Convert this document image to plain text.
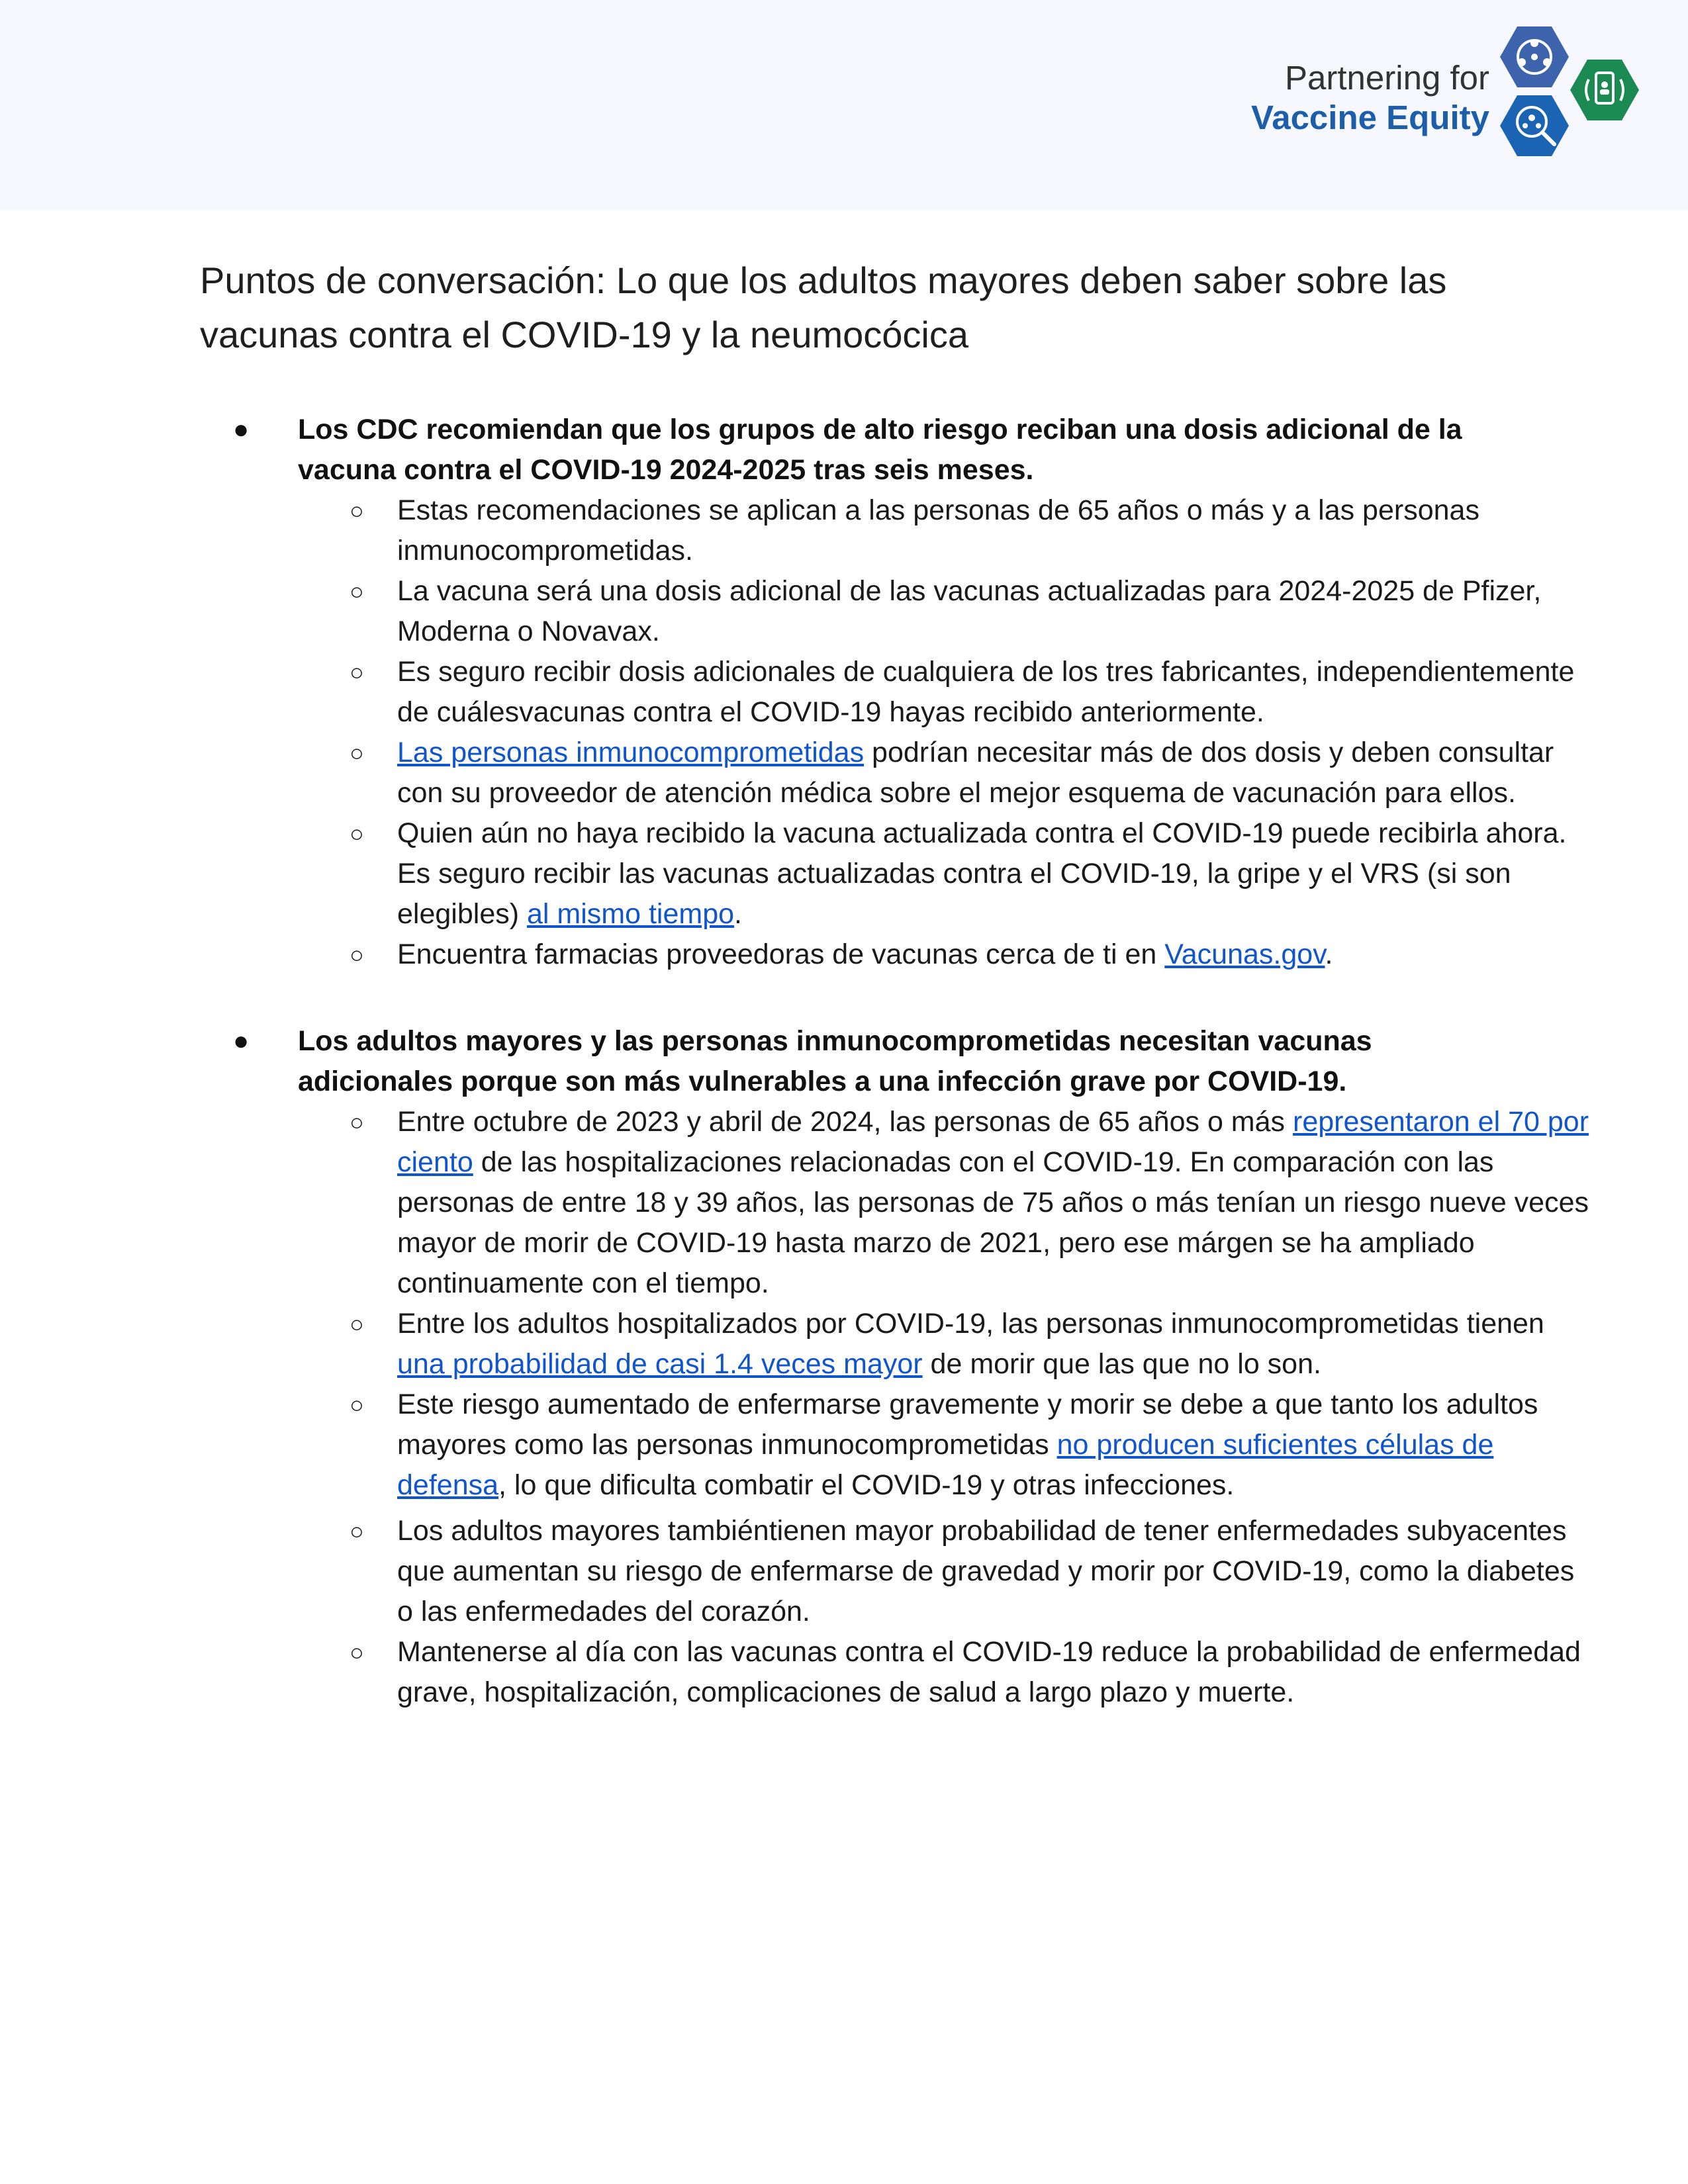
Partnering for
Vaccine Equity
Puntos de conversación: Lo que los adultos mayores deben saber sobre las vacunas contra el COVID-19 y la neumocócica
● Los CDC recomiendan que los grupos de alto riesgo reciban una dosis adicional de la vacuna contra el COVID-19 2024-2025 tras seis meses.
○ Estas recomendaciones se aplican a las personas de 65 años o más y a las personas inmunocomprometidas.
○ La vacuna será una dosis adicional de las vacunas actualizadas para 2024-2025 de Pfizer, Moderna o Novavax.
○ Es seguro recibir dosis adicionales de cualquiera de los tres fabricantes, independientemente de cuálesvacunas contra el COVID-19 hayas recibido anteriormente.
○ Las personas inmunocomprometidas podrían necesitar más de dos dosis y deben consultar con su proveedor de atención médica sobre el mejor esquema de vacunación para ellos.
○ Quien aún no haya recibido la vacuna actualizada contra el COVID-19 puede recibirla ahora. Es seguro recibir las vacunas actualizadas contra el COVID-19, la gripe y el VRS (si son elegibles) al mismo tiempo.
○ Encuentra farmacias proveedoras de vacunas cerca de ti en Vacunas.gov.
● Los adultos mayores y las personas inmunocomprometidas necesitan vacunas adicionales porque son más vulnerables a una infección grave por COVID-19.
○ Entre octubre de 2023 y abril de 2024, las personas de 65 años o más representaron el 70 por ciento de las hospitalizaciones relacionadas con el COVID-19. En comparación con las personas de entre 18 y 39 años, las personas de 75 años o más tenían un riesgo nueve veces mayor de morir de COVID-19 hasta marzo de 2021, pero ese márgen se ha ampliado continuamente con el tiempo.
○ Entre los adultos hospitalizados por COVID-19, las personas inmunocomprometidas tienen una probabilidad de casi 1.4 veces mayor de morir que las que no lo son.
○ Este riesgo aumentado de enfermarse gravemente y morir se debe a que tanto los adultos mayores como las personas inmunocomprometidas no producen suficientes células de defensa, lo que dificulta combatir el COVID-19 y otras infecciones.
○ Los adultos mayores tambiéntienen mayor probabilidad de tener enfermedades subyacentes que aumentan su riesgo de enfermarse de gravedad y morir por COVID-19, como la diabetes o las enfermedades del corazón.
○ Mantenerse al día con las vacunas contra el COVID-19 reduce la probabilidad de enfermedad grave, hospitalización, complicaciones de salud a largo plazo y muerte.
